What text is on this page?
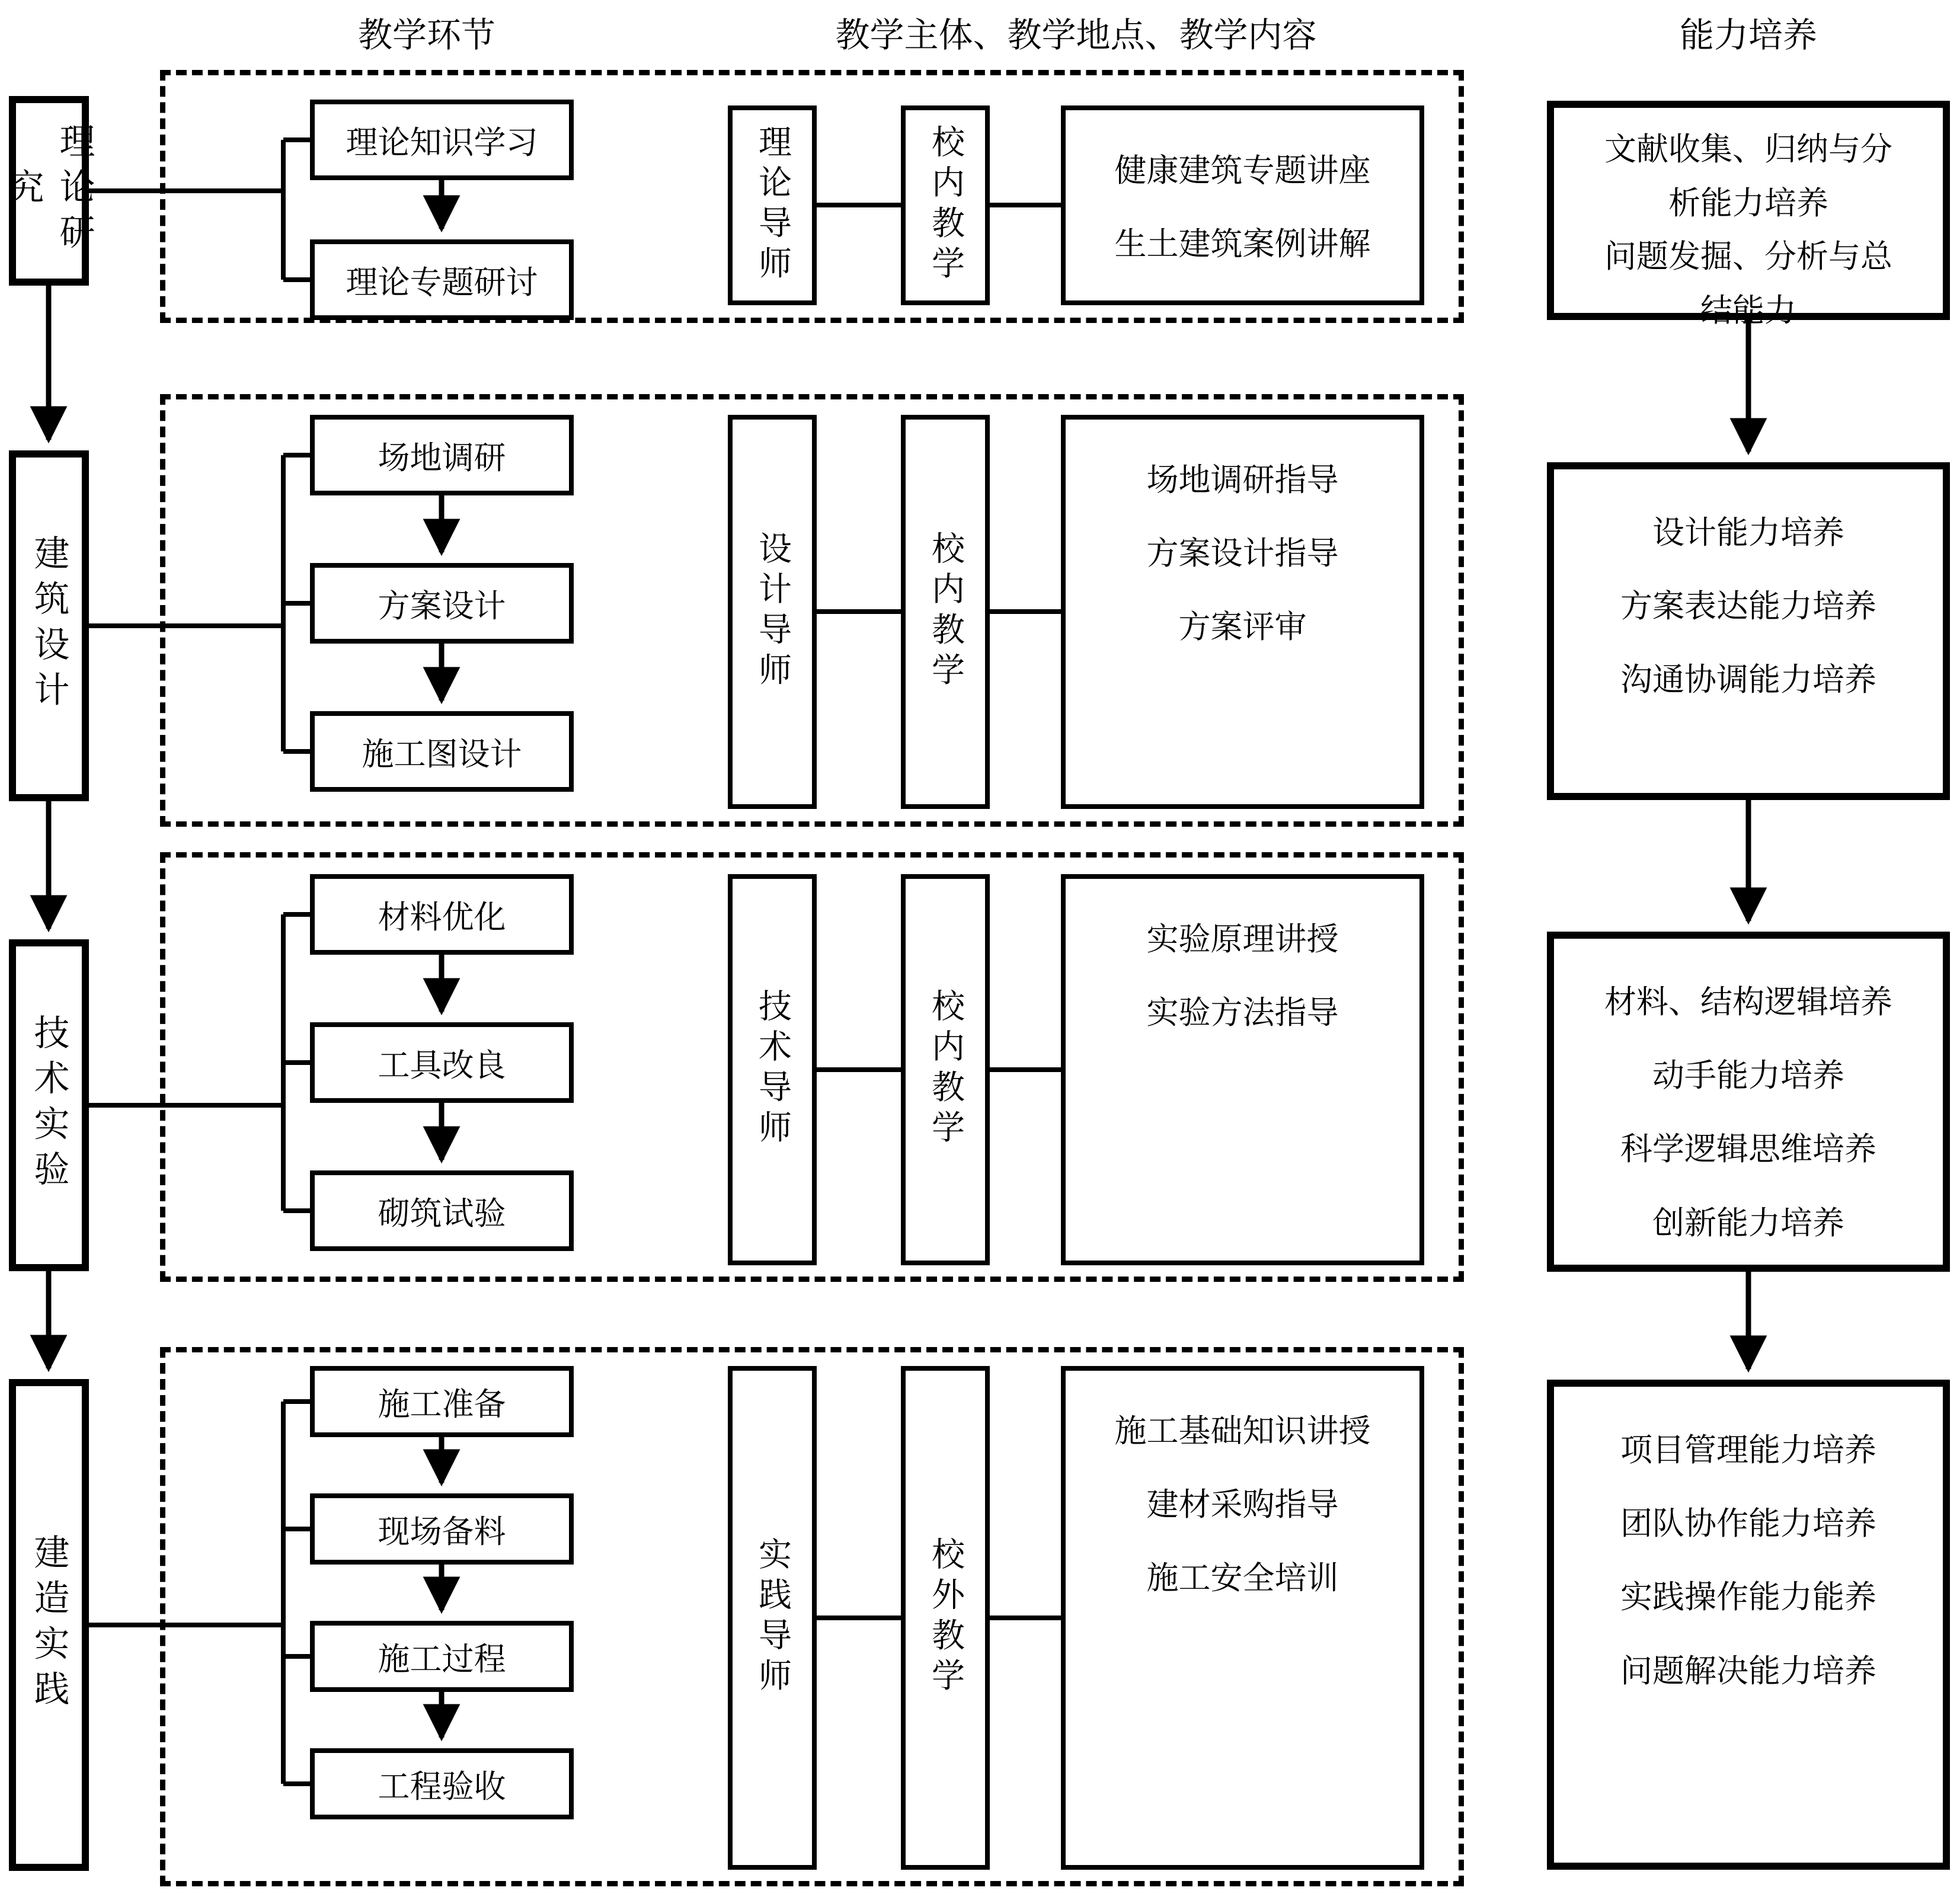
教学环节	教学主体、教学地点、教学内容	能力培养
理论研究
建筑设计
技术实验
建造实践
理论知识学习
理论专题研讨
场地调研
方案设计
施工图设计
材料优化
工具改良
砌筑试验
施工准备
现场备料
施工过程
工程验收
理论导师
设计导师
技术导师
实践导师
校内教学
校内教学
校内教学
校外教学
健康建筑专题讲座
生土建筑案例讲解
场地调研指导
方案设计指导
方案评审
实验原理讲授
实验方法指导
施工基础知识讲授
建材采购指导
施工安全培训
文献收集、归纳与分
析能力培养
问题发掘、分析与总
结能力
设计能力培养
方案表达能力培养
沟通协调能力培养
材料、结构逻辑培养
动手能力培养
科学逻辑思维培养
创新能力培养
项目管理能力培养
团队协作能力培养
实践操作能力能养
问题解决能力培养
